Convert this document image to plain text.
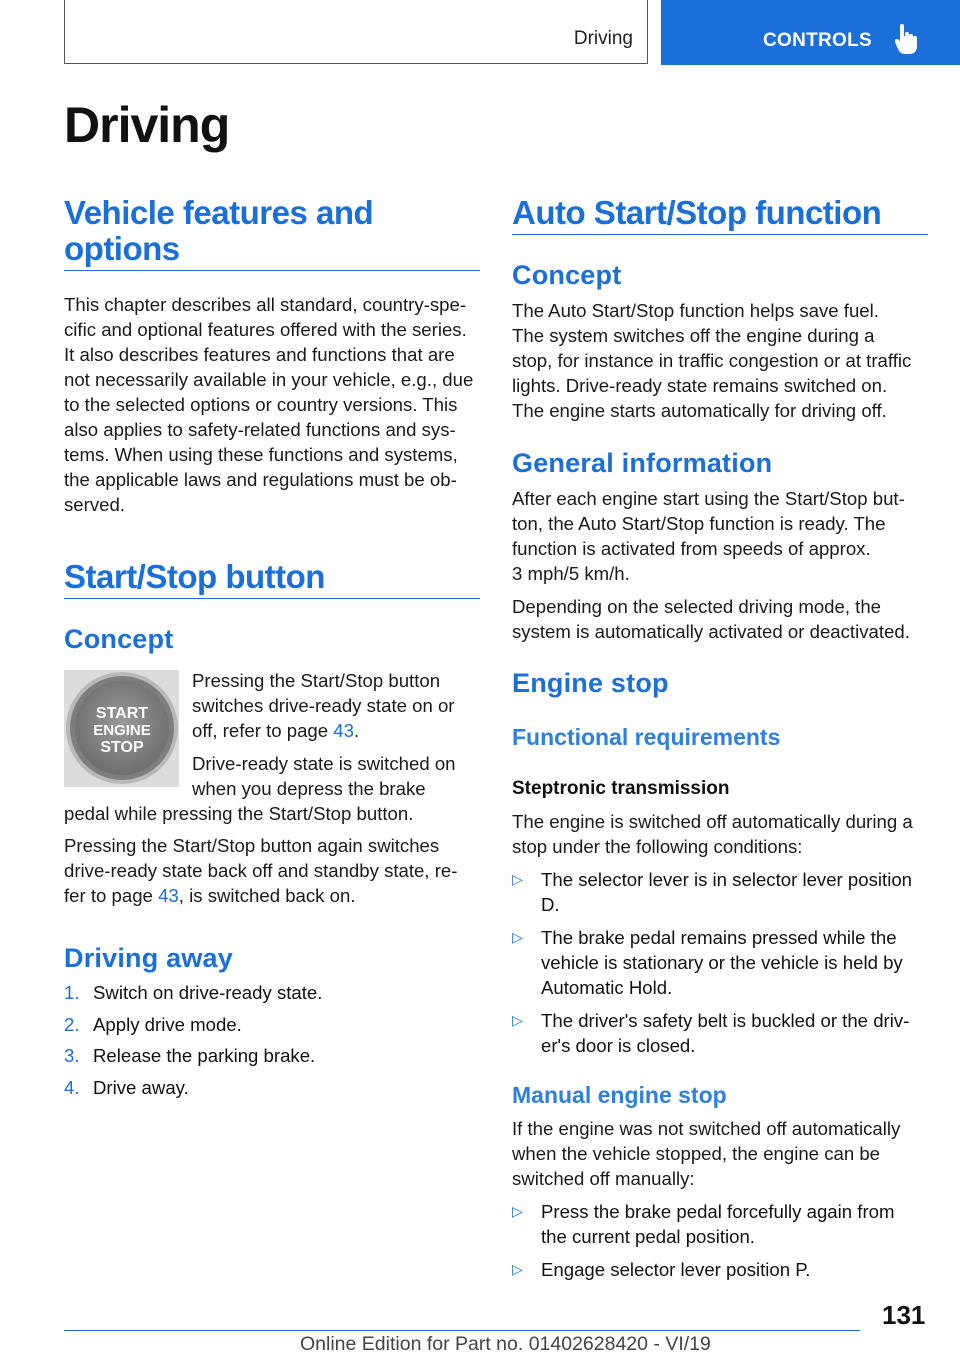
Driving	CONTROLS
Driving
Vehicle features and
options

This chapter describes all standard, country-spe-

cific and optional features offered with the series.

It also describes features and functions that are

not necessarily available in your vehicle, e.g., due

to the selected options or country versions. This

also applies to safety-related functions and sys-

tems. When using these functions and systems,

the applicable laws and regulations must be ob-

served.

Start/Stop button
Concept
START
ENGINE
STOP

Pressing the Start/Stop button

switches drive-ready state on or

off, refer to page 43.

Drive-ready state is switched on

when you depress the brake

pedal while pressing the Start/Stop button.

Pressing the Start/Stop button again switches

drive-ready state back off and standby state, re-

fer to page 43, is switched back on.

Driving away
1. Switch on drive-ready state.
2. Apply drive mode.
3. Release the parking brake.
4. Drive away.
Auto Start/Stop function
Concept

The Auto Start/Stop function helps save fuel.

The system switches off the engine during a

stop, for instance in traffic congestion or at traffic

lights. Drive-ready state remains switched on.

The engine starts automatically for driving off.

General information

After each engine start using the Start/Stop but-

ton, the Auto Start/Stop function is ready. The

function is activated from speeds of approx.

3 mph/5 km/h.

Depending on the selected driving mode, the

system is automatically activated or deactivated.

Engine stop
Functional requirements
Steptronic transmission

The engine is switched off automatically during a

stop under the following conditions:

▷ The selector lever is in selector lever position
D.
▷ The brake pedal remains pressed while the
vehicle is stationary or the vehicle is held by
Automatic Hold.
▷ The driver's safety belt is buckled or the driv-
er's door is closed.
Manual engine stop

If the engine was not switched off automatically

when the vehicle stopped, the engine can be

switched off manually:

▷ Press the brake pedal forcefully again from
the current pedal position.
▷ Engage selector lever position P.
131
Online Edition for Part no. 01402628420 - VI/19
